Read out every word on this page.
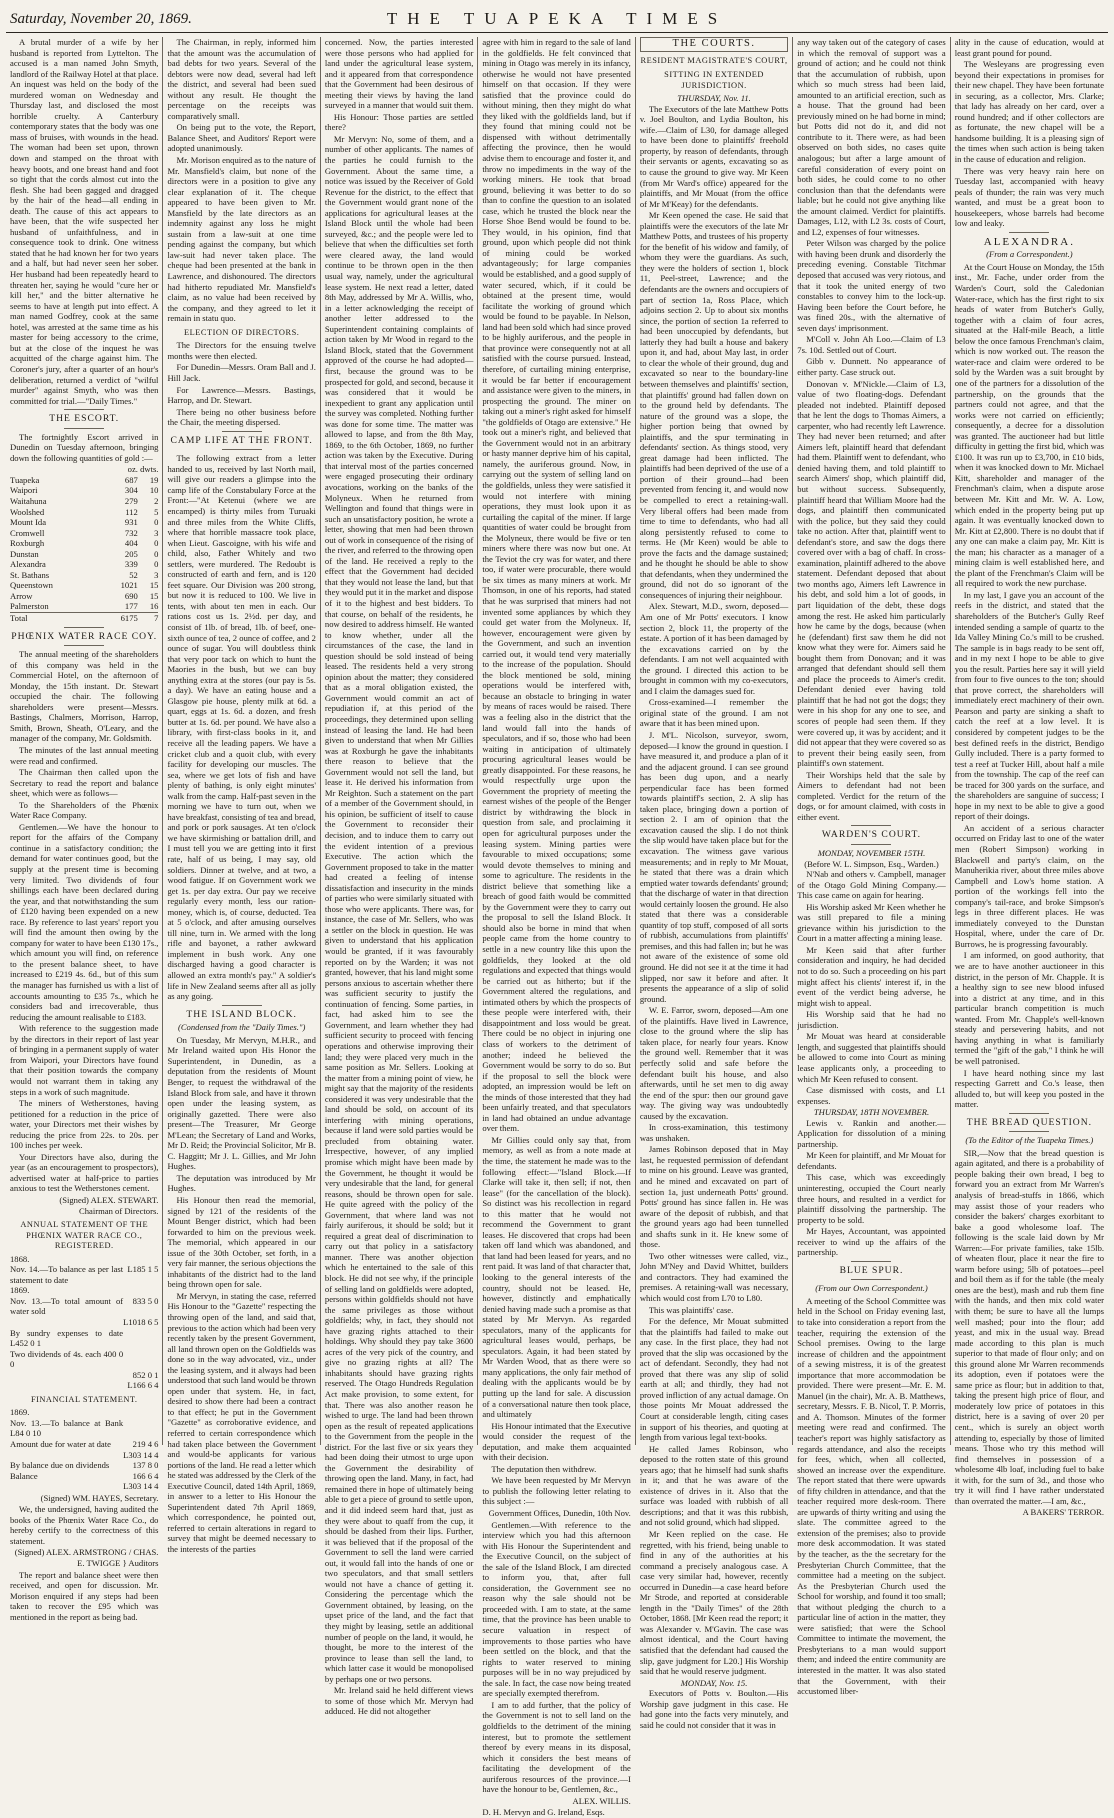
Saturday, November 20, 1869.	THE TUAPEKA TIMES

A brutal murder of a wife by her husband is reported from Lyttelton. The accused is a man named John Smyth, landlord of the Railway Hotel at that place. An inquest was held on the body of the murdered woman on Wednesday and Thursday last, and disclosed the most horrible cruelty. A Canterbury contemporary states that the body was one mass of bruises, with wounds in the head. The woman had been set upon, thrown down and stamped on the throat with heavy boots, and one breast hand and foot so tight that the cords almost cut into the flesh. She had been gagged and dragged by the hair of the head—all ending in death. The cause of this act appears to have been, that the wife suspected her husband of unfaithfulness, and in consequence took to drink. One witness stated that he had known her for two years and a half, but had never seen her sober. Her husband had been repeatedly heard to threaten her, saying he would "cure her or kill her," and the bitter alternative he seems to have at length put into effect. A man named Godfrey, cook at the same hotel, was arrested at the same time as his master for being accessory to the crime, but at the close of the inquest he was acquitted of the charge against him. The Coroner's jury, after a quarter of an hour's deliberation, returned a verdict of "wilful murder" against Smyth, who was then committed for trial.—"Daily Times."

THE ESCORT.

The fortnightly Escort arrived in Dunedin on Tuesday afternoon, bringing down the following quantities of gold :—

	oz. dwts.	
Tuapeka	687	19
Waipori	304	10
Waitahuna	279	2
Woolshed	112	5
Mount Ida	931	0
Cromwell	732	3
Roxburgh	404	0
Dunstan	205	0
Alexandra	339	0
St. Bathans	52	3
Queenstown	1021	15
Arrow	690	15
Palmerston	177	16
Total	6175	7
PHŒNIX WATER RACE COY.

The annual meeting of the shareholders of this company was held in the Commercial Hotel, on the afternoon of Monday, the 15th instant. Dr. Stewart occupied the chair. The following shareholders were present—Messrs. Bastings, Chalmers, Morrison, Harrop, Smith, Brown, Sheath, O'Leary, and the manager of the company, Mr. Goldsmith.

The minutes of the last annual meeting were read and confirmed.

The Chairman then called upon the Secretary to read the report and balance sheet, which were as follows—

To the Shareholders of the Phœnix Water Race Company.

Gentlemen.—We have the honour to report for the affairs of the Company continue in a satisfactory condition; the demand for water continues good, but the supply at the present time is becoming very limited. Two dividends of four shillings each have been declared during the year, and that notwithstanding the sum of £120 having been expended on a new race. By reference to last years' report you will find the amount then owing by the company for water to have been £130 17s., which amount you will find, on reference to the present balance sheet, to have increased to £219 4s. 6d., but of this sum the manager has furnished us with a list of accounts amounting to £35 7s., which he considers bad and irrecoverable, thus reducing the amount realisable to £183.

With reference to the suggestion made by the directors in their report of last year of bringing in a permanent supply of water from Waipori, your Directors have found that their position towards the company would not warrant them in taking any steps in a work of such magnitude.

The miners of Wetherstones, having petitioned for a reduction in the price of water, your Directors met their wishes by reducing the price from 22s. to 20s. per 100 inches per week.

Your Directors have also, during the year (as an encouragement to prospectors), advertised water at half-price to parties anxious to test the Wetherstones cement.

(Signed) ALEX. STEWART.
Chairman of Directors.
ANNUAL STATEMENT OF THE PHŒNIX WATER RACE CO., REGISTERED.
1868.
Nov. 14.—To balance as per last statement to date	L185 1 5
1869.	
Nov. 13.—To total amount of water sold	833 5 0
	L1018 6 5
By sundry expenses to date L452 0 1	
Two dividends of 4s. each 400 0 0	
	852 0 1
	L166 6 4
FINANCIAL STATEMENT.
1869.
Nov. 13.—To balance at Bank L84 0 10	
Amount due for water at date	219 4 6
	L303 14 4
By balance due on dividends	137 8 0
Balance	166 6 4
	L303 14 4
(Signed) WM. HAYES, Secretary.

We, the undersigned, having audited the books of the Phœnix Water Race Co., do hereby certify to the correctness of this statement.

(Signed) ALEX. ARMSTRONG / CHAS. E. TWIGGE } Auditors

The report and balance sheet were then received, and open for discussion. Mr. Morison enquired if any steps had been taken to recover the £95 which was mentioned in the report as being bad.

The Chairman, in reply, informed him that the amount was the accumulation of bad debts for two years. Several of the debtors were now dead, several had left the district, and several had been sued without any result. He thought the percentage on the receipts was comparatively small.

On being put to the vote, the Report, Balance Sheet, and Auditors' Report were adopted unanimously.

Mr. Morison enquired as to the nature of Mr. Mansfield's claim, but none of the directors were in a position to give any clear explanation of it. The cheque appeared to have been given to Mr. Mansfield by the late directors as an indemnity against any loss he might sustain from a law-suit at one time pending against the company, but which law-suit had never taken place. The cheque had been presented at the bank in Lawrence, and dishonoured. The directors had hitherto repudiated Mr. Mansfield's claim, as no value had been received by the company, and they agreed to let it remain in statu quo.

ELECTION OF DIRECTORS.

The Directors for the ensuing twelve months were then elected.

For Dunedin—Messrs. Oram Ball and J. Hill Jack.

For Lawrence—Messrs. Bastings, Harrop, and Dr. Stewart.

There being no other business before the Chair, the meeting dispersed.

CAMP LIFE AT THE FRONT.

The following extract from a letter handed to us, received by last North mail, will give our readers a glimpse into the camp life of the Constabulary Force at the Front:—"At Ketenui (where we are encamped) is thirty miles from Turuaki and three miles from the White Cliffs, where that horrible massacre took place, when Lieut. Gascoigne, with his wife and child, also, Father Whitely and two settlers, were murdered. The Redoubt is constructed of earth and fern, and is 120 feet square. Our Division was 200 strong, but now it is reduced to 100. We live in tents, with about ten men in each. Our rations cost us 1s. 2½d. per day, and consist of 1lb. of bread, 1lb. of beef, one-sixth ounce of tea, 2 ounce of coffee, and 2 ounce of sugar. You will doubtless think that very poor tack on which to hunt the Maories in the bush, but we can buy anything extra at the stores (our pay is 5s. a day). We have an eating house and a Glasgow pie house, plenty milk at 6d. a quart, eggs at 1s. 6d. a dozen, and fresh butter at 1s. 6d. per pound. We have also a library, with first-class books in it, and receive all the leading papers. We have a cricket club and a quoit club, with every facility for developing our muscles. The sea, where we get lots of fish and have plenty of bathing, is only eight minutes' walk from the camp. Half-past seven in the morning we have to turn out, when we have breakfast, consisting of tea and bread, and pork or pork sausages. At ten o'clock we have skirmishing or battalion drill, and I must tell you we are getting into it first rate, half of us being, I may say, old soldiers. Dinner at twelve, and at two, a wood fatigue. If on Government work we get 1s. per day extra. Our pay we receive regularly every month, less our ration-money, which is, of course, deducted. Tea at 5 o'clock, and after amusing ourselves till nine, turn in. We armed with the long rifle and bayonet, a rather awkward implement in bush work. Any one discharged having a good character is allowed an extra month's pay." A soldier's life in New Zealand seems after all as jolly as any going.

THE ISLAND BLOCK.
(Condensed from the "Daily Times.")

On Tuesday, Mr Mervyn, M.H.R., and Mr Ireland waited upon His Honor the Superintendent, in Dunedin, as a deputation from the residents of Mount Benger, to request the withdrawal of the Island Block from sale, and have it thrown open under the leasing system, as originally gazetted. There were also present—The Treasurer, Mr George M'Lean; the Secretary of Land and Works, Mr D. Reid; the Provincial Solicitor, Mr B. C. Haggitt; Mr J. L. Gillies, and Mr John Hughes.

The deputation was introduced by Mr Hughes.

His Honour then read the memorial, signed by 121 of the residents of the Mount Benger district, which had been forwarded to him on the previous week. The memorial, which appeared in our issue of the 30th October, set forth, in a very fair manner, the serious objections the inhabitants of the district had to the land being thrown open for sale.

Mr Mervyn, in stating the case, referred His Honour to the "Gazette" respecting the throwing open of the land, and said that, previous to the action which had been very recently taken by the present Government, all land thrown open on the Goldfields was done so in the way advocated, viz., under the leasing system, and it always had been understood that such land would be thrown open under that system. He, in fact, desired to show there had been a contract to that effect; he put in the Government "Gazette" as corroborative evidence, and referred to certain correspondence which had taken place between the Government and would-be applicants for various portions of the land. He read a letter which he stated was addressed by the Clerk of the Executive Council, dated 14th April, 1869, in answer to a letter to His Honour the Superintendent dated 7th April 1869, which correspondence, he pointed out, referred to certain alterations in regard to survey that might be deemed necessary to the interests of the parties

concerned. Now, the parties interested were those persons who had applied for land under the agricultural lease system, and it appeared from that correspondence that the Government had been desirous of meeting their views by having the land surveyed in a manner that would suit them.

His Honour: Those parties are settled there?

Mr Mervyn: No, some of them, and a number of other applicants. The names of the parties he could furnish to the Government. About the same time, a notice was issued by the Receiver of Gold Revenue for the district, to the effect that the Government would grant none of the applications for agricultural leases at the Island Block until the whole had been surveyed, &c.; and the people were led to believe that when the difficulties set forth were cleared away, the land would continue to be thrown open in the then usual way, namely, under the agricultural lease system. He next read a letter, dated 8th May, addressed by Mr A. Willis, who, in a letter acknowledging the receipt of another letter addressed to the Superintendent containing complaints of action taken by Mr Wood in regard to the Island Block, stated that the Government approved of the course he had adopted—first, because the ground was to be prospected for gold, and second, because it was considered that it would be inexpedient to grant any application until the survey was completed. Nothing further was done for some time. The matter was allowed to lapse, and from the 8th May, 1869, to the 6th October, 1869, no further action was taken by the Executive. During that interval most of the parties concerned were engaged prosecuting their ordinary avocations, working on the banks of the Molyneux. When he returned from Wellington and found that things were in such an unsatisfactory position, he wrote a letter, showing that men had been thrown out of work in consequence of the rising of the river, and referred to the throwing open of the land. He received a reply to the effect that the Government had decided that they would not lease the land, but that they would put it in the market and dispose of it to the highest and best bidders. To that course, on behalf of the residents, he now desired to address himself. He wanted to know whether, under all the circumstances of the case, the land in question should be sold instead of being leased. The residents held a very strong opinion about the matter; they considered that as a moral obligation existed, the Government would commit an act of repudiation if, at this period of the proceedings, they determined upon selling instead of leasing the land. He had been given to understand that when Mr Gillies was at Roxburgh he gave the inhabitants there reason to believe that the Government would not sell the land, but lease it. He derived his information from Mr Reighton. Such a statement on the part of a member of the Government should, in his opinion, be sufficient of itself to cause the Government to reconsider their decision, and to induce them to carry out the evident intention of a previous Executive. The action which the Government proposed to take in the matter had created a feeling of intense dissatisfaction and insecurity in the minds of parties who were similarly situated with those who were applicants. There was, for instance, the case of Mr. Sellers, who was a settler on the block in question. He was given to understand that his application would be granted, if it was favourably reported on by the Warden; it was not granted, however, that his land might some persons anxious to ascertain whether there was sufficient security to justify the continuation of fencing. Some parties, in fact, had asked him to see the Government, and learn whether they had sufficient security to proceed with fencing operations and otherwise improving their land; they were placed very much in the same position as Mr. Sellers. Looking at the matter from a mining point of view, he might say that the majority of the residents considered it was very undesirable that the land should be sold, on account of its interfering with mining operations, because if land were sold parties would be precluded from obtaining water. Irrespective, however, of any implied promise which might have been made by the Government, he thought it would be very undesirable that the land, for general reasons, should be thrown open for sale. He quite agreed with the policy of the Government, that where land was not fairly auriferous, it should be sold; but it required a great deal of discrimination to carry out that policy in a satisfactory manner. There was another objection which he entertained to the sale of this block. He did not see why, if the principle of selling land on goldfields were adopted, persons within goldfields should not have the same privileges as those without goldfields; why, in fact, they should not have grazing rights attached to their holdings. Why should they pay take 3600 acres of the very pick of the country, and give no grazing rights at all? The inhabitants should have grazing rights reserved. The Otago Hundreds Regulation Act make provision, to some extent, for that. There was also another reason he wished to urge. The land had been thrown open as the result of repeated applications to the Government from the people in the district. For the last five or six years they had been doing their utmost to urge upon the Government the desirability of throwing open the land. Many, in fact, had remained there in hope of ultimately being able to get a piece of ground to settle upon, and it did indeed seem hard that, just as they were about to quaff from the cup, it should be dashed from their lips. Further, it was believed that if the proposal of the Government to sell the land were carried out, it would fall into the hands of one or two speculators, and that small settlers would not have a chance of getting it. Considering the percentage which the Government obtained, by leasing, on the upset price of the land, and the fact that they might by leasing, settle an additional number of people on the land, it would, he thought, be more to the interest of the province to lease than sell the land, to which latter case it would be monopolised by perhaps one or two persons.

Mr. Ireland said he held different views to some of those which Mr. Mervyn had adduced. He did not altogether

agree with him in regard to the sale of land in the goldfields. He felt convinced that mining in Otago was merely in its infancy, otherwise he would not have presented himself on that occasion. If they were satisfied that the province could do without mining, then they might do what they liked with the goldfields land, but if they found that mining could not be dispensed with without detrimentally affecting the province, then he would advise them to encourage and foster it, and throw no impediments in the way of the working miners. He took that broad ground, believing it was better to do so than to confine the question to an isolated case, which he trusted the block near the Horse Shoe Bend would be found to be. They would, in his opinion, find that ground, upon which people did not think of mining could be worked advantageously; for large companies would be established, and a good supply of water secured, which, if it could be obtained at the present time, would facilitate the working of ground which would be found to be payable. In Nelson, land had been sold which had since proved to be highly auriferous, and the people in that province were consequently not at all satisfied with the course pursued. Instead, therefore, of curtailing mining enterprise, it would be far better if encouragement and assistance were given to the miners, in prospecting the ground. The miner on taking out a miner's right asked for himself "the goldfields of Otago are extensive." He took out a miner's right, and believed that the Government would not in an arbitrary or hasty manner deprive him of his capital, namely, the auriferous ground. Now, in carrying out the system of selling land on the goldfields, unless they were satisfied it would not interfere with mining operations, they must look upon it as curtailing the capital of the miner. If large quantities of water could be brought from the Molyneux, there would be five or ten miners where there was now but one. At the Teviot the cry was for water, and there too, if water were procurable, there would be six times as many miners at work. Mr Thomson, in one of his reports, had stated that he was surprised that miners had not invented some appliances by which they could get water from the Molyneux. If, however, encouragement were given by the Government, and such an invention carried out, it would tend very materially to the increase of the population. Should the block mentioned be sold, mining operations would be interfered with, because an obstacle to bringing in water by means of races would be raised. There was a feeling also in the district that the land would fall into the hands of speculators, and if so, those who had been waiting in anticipation of ultimately procuring agricultural leases would be greatly disappointed. For these reasons, he would respectfully urge upon the Government the propriety of meeting the earnest wishes of the people of the Benger district by withdrawing the block in question from sale, and proclaiming it open for agricultural purposes under the leasing system. Mining parties were favourable to mixed occupations; some would devote themselves to mining and some to agriculture. The residents in the district believe that something like a breach of good faith would be committed by the Government were they to carry out the proposal to sell the Island Block. It should also be borne in mind that when people came from the home country to settle in a new country like this upon the goldfields, they looked at the old regulations and expected that things would be carried out as hitherto; but if the Government altered the regulations, and intimated others by which the prospects of these people were interfered with, their disappointment and loss would be great. There could be no object in injuring one class of workers to the detriment of another; indeed he believed the Government would be sorry to do so. But if the proposal to sell the block were adopted, an impression would be left on the minds of those interested that they had been unfairly treated, and that speculators in land had obtained an undue advantage over them.

Mr Gillies could only say that, from memory, as well as from a note made at the time, the statement he made was to the following effect:—"Island Block.—If Clarke will take it, then sell; if not, then lease" (for the cancellation of the block). So distinct was his recollection in regard to this matter that he would not recommend the Government to grant leases. He discovered that crops had been taken off land which was abandoned, and that land had been leased for years, and no rent paid. It was land of that character that, looking to the general interests of the country, should not be leased. He, however, distinctly and emphatically denied having made such a promise as that stated by Mr Mervyn. As regarded speculators, many of the applicants for agricultural leases would, perhaps, be speculators. Again, it had been stated by Mr Warden Wood, that as there were so many applications, the only fair method of dealing with the applicants would be by putting up the land for sale. A discussion of a conversational nature then took place, and ultimately

His Honour intimated that the Executive would consider the request of the deputation, and make them acquainted with their decision.

The deputation then withdrew.

We have been requested by Mr Mervyn to publish the following letter relating to this subject :—

Government Offices, Dunedin, 10th Nov.

Gentlemen.—With reference to the interview which you had this afternoon with His Honour the Superintendent and the Executive Council, on the subject of the sale of the Island Block, I am directed to inform you, that, after full consideration, the Government see no reason why the sale should not be proceeded with. I am to state, at the same time, that the province has been unable to secure valuation in respect of improvements to those parties who have been settled on the block, and that the rights to water reserved to mining purposes will be in no way prejudiced by the sale. In fact, the case now being treated are specially exempted therefrom.

I am to add further, that the policy of the Government is not to sell land on the goldfields to the detriment of the mining interest, but to promote the settlement thereof by every means in its disposal, which it considers the best means of facilitating the development of the auriferous resources of the province.—I have the honour to be, Gentlemen, &c.,

ALEX. WILLIS.

D. H. Mervyn and G. Ireland, Esqs.

THE COURTS.
RESIDENT MAGISTRATE'S COURT,
SITTING IN EXTENDED JURISDICTION.
THURSDAY, Nov. 11.

The Executors of the late Matthew Potts v. Joel Boulton, and Lydia Boulton, his wife.—Claim of L30, for damage alleged to have been done to plaintiffs' freehold property, by reason of defendants, through their servants or agents, excavating so as to cause the ground to give way. Mr Keen (from Mr Ward's office) appeared for the plaintiffs, and Mr Mouat (from the office of Mr M'Keay) for the defendants.

Mr Keen opened the case. He said that plaintiffs were the executors of the late Mr Matthew Potts, and trustees of his property for the benefit of his widow and family, of whom they were the guardians. As such, they were the holders of section 1, block 11, Peel-street, Lawrence; and the defendants are the owners and occupiers of part of section 1a, Ross Place, which adjoins section 2. Up to about six months since, the portion of section 1a referred to had been unoccupied by defendants, but latterly they had built a house and bakery upon it, and had, about May last, in order to clear the whole of their ground, dug and excavated so near to the boundary-line between themselves and plaintiffs' section, that plaintiffs' ground had fallen down on to the ground held by defendants. The nature of the ground was a slope, the higher portion being that owned by plaintiffs, and the spur terminating in defendants' section. As things stood, very great damage had been inflicted. The plaintiffs had been deprived of the use of a portion of their ground—had been prevented from fencing it, and would now be compelled to erect a retaining-wall. Very liberal offers had been made from time to time to defendants, who had all along persistently refused to come to terms. He (Mr Keen) would be able to prove the facts and the damage sustained; and he thought he should be able to show that defendants, when they undermined the ground, did not do so ignorant of the consequences of injuring their neighbour.

Alex. Stewart, M.D., sworn, deposed—Am one of Mr Potts' executors. I know section 2, block 11, the property of the estate. A portion of it has been damaged by the excavations carried on by the defendants. I am not well acquainted with the ground. I directed this action to be brought in common with my co-executors, and I claim the damages sued for.

Cross-examined—I remember the original state of the ground. I am not aware that it has been mined upon.

J. M'L. Nicolson, surveyor, sworn, deposed—I know the ground in question. I have measured it, and produce a plan of it and the adjacent ground. I can see ground has been dug upon, and a nearly perpendicular face has been formed towards plaintiff's section, 2. A slip has taken place, bringing down a portion of section 2. I am of opinion that the excavation caused the slip. I do not think the slip would have taken place but for the excavation. The witness gave various measurements; and in reply to Mr Mouat, he stated that there was a drain which emptied water towards defendants' ground; that the discharge of water in that direction would certainly loosen the ground. He also stated that there was a considerable quantity of top stuff, composed of all sorts of rubbish, accumulations from plaintiffs' premises, and this had fallen in; but he was not aware of the existence of some old ground. He did not see it at the time it had slipped, nor saw it before and after. It presents the appearance of a slip of solid ground.

W. E. Farror, sworn, deposed—Am one of the plaintiffs. Have lived in Lawrence, close to the ground where the slip has taken place, for nearly four years. Know the ground well. Remember that it was perfectly solid and safe before the defendant built his house, and also afterwards, until he set men to dig away the end of the spur: then our ground gave way. The giving way was undoubtedly caused by the excavation.

In cross-examination, this testimony was unshaken.

James Robinson deposed that in May last, he requested permission of defendant to mine on his ground. Leave was granted, and he mined and excavated on part of section 1a, just underneath Potts' ground. Potts' ground has since fallen in. He was aware of the deposit of rubbish, and that the ground years ago had been tunnelled and shafts sunk in it. He knew some of those.

Two other witnesses were called, viz., John M'Ney and David Whittet, builders and contractors. They had examined the premises. A retaining-wall was necessary, which would cost from L70 to L80.

This was plaintiffs' case.

For the defence, Mr Mouat submitted that the plaintiffs had failed to make out any case. In the first place, they had not proved that the slip was occasioned by the act of defendant. Secondly, they had not proved that there was any slip of solid earth at all; and thirdly, they had not proved infliction of any actual damage. On those points Mr Mouat addressed the Court at considerable length, citing cases in support of his theories, and quoting at length from various legal text-books.

He called James Robinson, who deposed to the rotten state of this ground years ago; that he himself had sunk shafts in it; and that he was aware of the existence of drives in it. Also that the surface was loaded with rubbish of all descriptions; and that it was this rubbish, and not solid ground, which had slipped.

Mr Keen replied on the case. He regretted, with his friend, being unable to find in any of the authorities at his command a precisely analogous case. A case very similar had, however, recently occurred in Dunedin—a case heard before Mr Strode, and reported at considerable length in the "Daily Times" of the 28th October, 1868. [Mr Keen read the report; it was Alexander v. M'Gavin. The case was almost identical, and the Court having satisfied that the defendant had caused the slip, gave judgment for L20.] His Worship said that he would reserve judgment.

MONDAY, Nov. 15.

Executors of Potts v. Boulton.—His Worship gave judgment in this case. He had gone into the facts very minutely, and said he could not consider that it was in

any way taken out of the category of cases in which the removal of support was a ground of action; and he could not think that the accumulation of rubbish, upon which so much stress had been laid, amounted to an artificial erection, such as a house. That the ground had been previously mined on he had borne in mind; but Potts did not do it, and did not contribute to it. There were, as had been observed on both sides, no cases quite analogous; but after a large amount of careful consideration of every point on both sides, he could come to no other conclusion than that the defendants were liable; but he could not give anything like the amount claimed. Verdict for plaintiffs. Damages, L12, with L2 3s. costs of Court, and L2, expenses of four witnesses.

Peter Wilson was charged by the police with having been drunk and disorderly the preceding evening. Constable Titchmar deposed that accused was very riotous, and that it took the united energy of two constables to convey him to the lock-up. Having been before the Court before, he was fined 20s., with the alternative of seven days' imprisonment.

M'Coll v. John Ah Loo.—Claim of L3 7s. 10d. Settled out of Court.

Gibb v. Dunnett. No appearance of either party. Case struck out.

Donovan v. M'Nickle.—Claim of L3, value of two floating-dogs. Defendant pleaded not indebted. Plaintiff deposed that he lent the dogs to Thomas Aimers, a carpenter, who had recently left Lawrence. They had never been returned; and after Aimers left, plaintiff heard that defendant had them. Plaintiff went to defendant, who denied having them, and told plaintiff to search Aimers' shop, which plaintiff did, but without success. Subsequently, plaintiff heard that William Moore had the dogs, and plaintiff then communicated with the police, but they said they could take no action. After that, plaintiff went to defendant's store, and saw the dogs there covered over with a bag of chaff. In cross-examination, plaintiff adhered to the above statement. Defendant deposed that about two months ago, Aimers left Lawrence in his debt, and sold him a lot of goods, in part liquidation of the debt, these dogs among the rest. He asked him particularly how he came by the dogs, because (when he (defendant) first saw them he did not know what they were for. Aimers said he bought them from Donovan; and it was arranged that defendant should sell them and place the proceeds to Aimer's credit. Defendant denied ever having told plaintiff that he had not got the dogs; they were in his shop for any one to see, and scores of people had seen them. If they were covered up, it was by accident; and it did not appear that they were covered so as to prevent their being easily seen, from plaintiff's own statement.

Their Worships held that the sale by Aimers to defendant had not been completed. Verdict for the return of the dogs, or for amount claimed, with costs in either event.

WARDEN'S COURT.
MONDAY, NOVEMBER 15TH.
(Before W. L. Simpson, Esq., Warden.)

N'Nab and others v. Campbell, manager of the Otago Gold Mining Company.—This case came on again for hearing.

His Worship asked Mr Keen whether he was still prepared to file a mining grievance within his jurisdiction to the Court in a matter affecting a mining lease.

Mr Keen said that after further consideration and inquiry, he had decided not to do so. Such a proceeding on his part might affect his clients' interest if, in the event of the verdict being adverse, he might wish to appeal.

His Worship said that he had no jurisdiction.

Mr Mouat was heard at considerable length, and suggested that plaintiffs should be allowed to come into Court as mining lease applicants only, a proceeding to which Mr Keen refused to consent.

Case dismissed with costs, and L1 expenses.

THURSDAY, 18TH NOVEMBER.

Lewis v. Rankin and another.—Application for dissolution of a mining partnership.

Mr Keen for plaintiff, and Mr Mouat for defendants.

This case, which was exceedingly uninteresting, occupied the Court nearly three hours, and resulted in a verdict for plaintiff dissolving the partnership. The property to be sold.

Mr Hayes, Accountant, was appointed receiver to wind up the affairs of the partnership.

BLUE SPUR.
(From our Own Correspondent.)

A meeting of the School Committee was held in the School on Friday evening last, to take into consideration a report from the teacher, requiring the extension of the School premises. Owing to the large increase of children and the appointment of a sewing mistress, it is of the greatest importance that more accommodation be provided. There were present—Mr. E. M. Manuel (in the chair), Mr. A. B. Matthews, secretary, Messrs. F. B. Nicol, T. P. Morris, and A. Thomson. Minutes of the former meeting were read and confirmed. The teacher's report was highly satisfactory as regards attendance, and also the receipts for fees, which, when all collected, showed an increase over the expenditure. The report stated that there were upwards of fifty children in attendance, and that the teacher required more desk-room. There are upwards of thirty writing and using the slate. The committee agreed to the extension of the premises; also to provide more desk accommodation. It was stated by the teacher, as the the secretary for the Presbyterian Church Committee, that the committee had a meeting on the subject. As the Presbyterian Church used the School for worship, and found it too small; that without pledging the church to a particular line of action in the matter, they were satisfied; that were the School Committee to intimate the movement, the Presbyterians to a man would support them; and indeed the entire community are interested in the matter. It was also stated that the Government, with their accustomed liber-

ality in the cause of education, would at least grant pound for pound.

The Wesleyans are progressing even beyond their expectations in promises for their new chapel. They have been fortunate in securing, as a collector, Mrs. Clarke; that lady has already on her card, over a round hundred; and if other collectors are as fortunate, the new chapel will be a handsome building. It is a pleasing sign of the times when such action is being taken in the cause of education and religion.

There was very heavy rain here on Tuesday last, accompanied with heavy peals of thunder; the rain was very much wanted, and must be a great boon to housekeepers, whose barrels had become low and leaky.

ALEXANDRA.
(From a Correspondent.)

At the Court House on Monday, the 15th inst., Mr. Fache, under order from the Warden's Court, sold the Caledonian Water-race, which has the first right to six heads of water from Butcher's Gully, together with a claim of four acres, situated at the Half-mile Beach, a little below the once famous Frenchman's claim, which is now worked out. The reason the water-race and claim were ordered to be sold by the Warden was a suit brought by one of the partners for a dissolution of the partnership, on the grounds that the partners could not agree, and that the works were not carried on efficiently; consequently, a decree for a dissolution was granted. The auctioneer had but little difficulty in getting the first bid, which was £100. It was run up to £3,700, in £10 bids, when it was knocked down to Mr. Michael Kitt, shareholder and manager of the Frenchman's claim, when a dispute arose between Mr. Kitt and Mr. W. A. Low, which ended in the property being put up again. It was eventually knocked down to Mr. Kitt at £2,800. There is no doubt that if any one can make a claim pay, Mr. Kitt is the man; his character as a manager of a mining claim is well established here, and the plant of the Frenchman's Claim will be all required to work the new purchase.

In my last, I gave you an account of the reefs in the district, and stated that the shareholders of the Butcher's Gully Reef intended sending a sample of quartz to the Ida Valley Mining Co.'s mill to be crushed. The sample is in bags ready to be sent off, and in my next I hope to be able to give you the result. Parties here say it will yield from four to five ounces to the ton; should that prove correct, the shareholders will immediately erect machinery of their own. Pearson and party are sinking a shaft to catch the reef at a low level. It is considered by competent judges to be the best defined reefs in the district, Bendigo Gully included. There is a party formed to test a reef at Tucker Hill, about half a mile from the township. The cap of the reef can be traced for 300 yards on the surface, and the shareholders are sanguine of success; I hope in my next to be able to give a good report of their doings.

An accident of a serious character occurred on Friday last to one of the water men (Robert Simpson) working in Blackwell and party's claim, on the Manuherikia river, about three miles above Campbell and Low's home station. A portion of the workings fell into the company's tail-race, and broke Simpson's legs in three different places. He was immediately conveyed to the Dunstan Hospital, where, under the care of Dr. Burrows, he is progressing favourably.

I am informed, on good authority, that we are to have another auctioneer in this district, in the person of Mr. Chapple. It is a healthy sign to see new blood infused into a district at any time, and in this particular branch competition is much wanted. From Mr. Chapple's well-known steady and persevering habits, and not having anything in what is familiarly termed the "gift of the gab," I think he will be well patronised.

I have heard nothing since my last respecting Garrett and Co.'s lease, then alluded to, but will keep you posted in the matter.

THE BREAD QUESTION.
(To the Editor of the Tuapeka Times.)

SIR,—Now that the bread question is again agitated, and there is a probability of people baking their own bread, I beg to forward you an extract from Mr Warren's analysis of bread-stuffs in 1866, which may assist those of your readers who consider the bakers' charges exorbitant to bake a good wholesome loaf. The following is the scale laid down by Mr Warren:—For private families, take 15lb. of wheaten flour, place it near the fire to warm before using; 5lb of potatoes—peel and boil them as if for the table (the mealy ones are the best), mash and rub them fine with the hands, and then mix cold water with them; be sure to have all the lumps well mashed; pour into the flour; add yeast, and mix in the usual way. Bread made according to this plan is much superior to that made of flour only; and on this ground alone Mr Warren recommends its adoption, even if potatoes were the same price as flour; but in addition to that, taking the present high price of flour, and moderately low price of potatoes in this district, here is a saving of over 20 per cent., which is surely an object worth attending to, especially by those of limited means. Those who try this method will find themselves in possession of a wholesome 4lb loaf, including fuel to bake it with, for the sum of 3d., and those who try it will find I have rather understated than overrated the matter.—I am, &c.,

A BAKERS' TERROR.
